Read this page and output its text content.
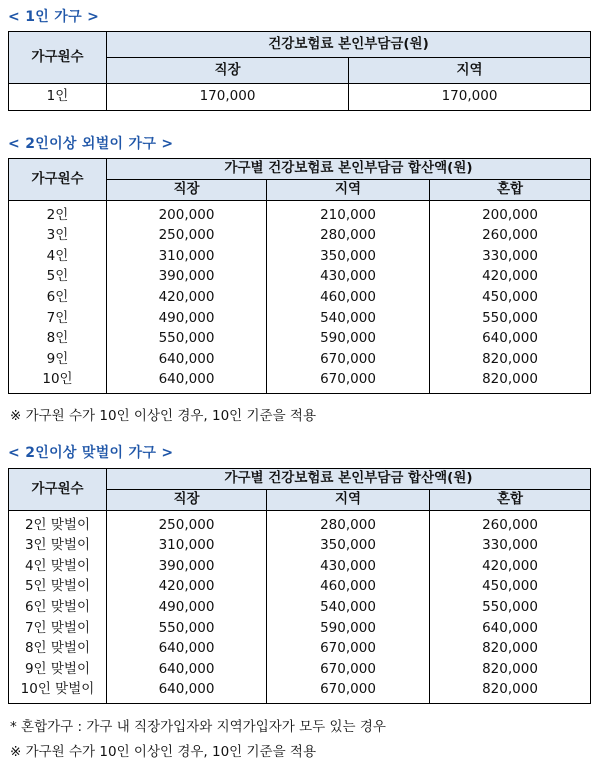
< 1인 가구 >

가구원수	건강보험료 본인부담금(원)	
	직장	지역
1인	170,000	170,000

< 2인이상 외벌이 가구 >

가구원수	가구별 건강보험료 본인부담금 합산액(원)		
	직장	지역	혼합
2인	200,000	210,000	200,000
3인	250,000	280,000	260,000
4인	310,000	350,000	330,000
5인	390,000	430,000	420,000
6인	420,000	460,000	450,000
7인	490,000	540,000	550,000
8인	550,000	590,000	640,000
9인	640,000	670,000	820,000
10인	640,000	670,000	820,000

※ 가구원 수가 10인 이상인 경우, 10인 기준을 적용

< 2인이상 맞벌이 가구 >

가구원수	가구별 건강보험료 본인부담금 합산액(원)		
	직장	지역	혼합
2인 맞벌이	250,000	280,000	260,000
3인 맞벌이	310,000	350,000	330,000
4인 맞벌이	390,000	430,000	420,000
5인 맞벌이	420,000	460,000	450,000
6인 맞벌이	490,000	540,000	550,000
7인 맞벌이	550,000	590,000	640,000
8인 맞벌이	640,000	670,000	820,000
9인 맞벌이	640,000	670,000	820,000
10인 맞벌이	640,000	670,000	820,000

* 혼합가구 : 가구 내 직장가입자와 지역가입자가 모두 있는 경우

※ 가구원 수가 10인 이상인 경우, 10인 기준을 적용
